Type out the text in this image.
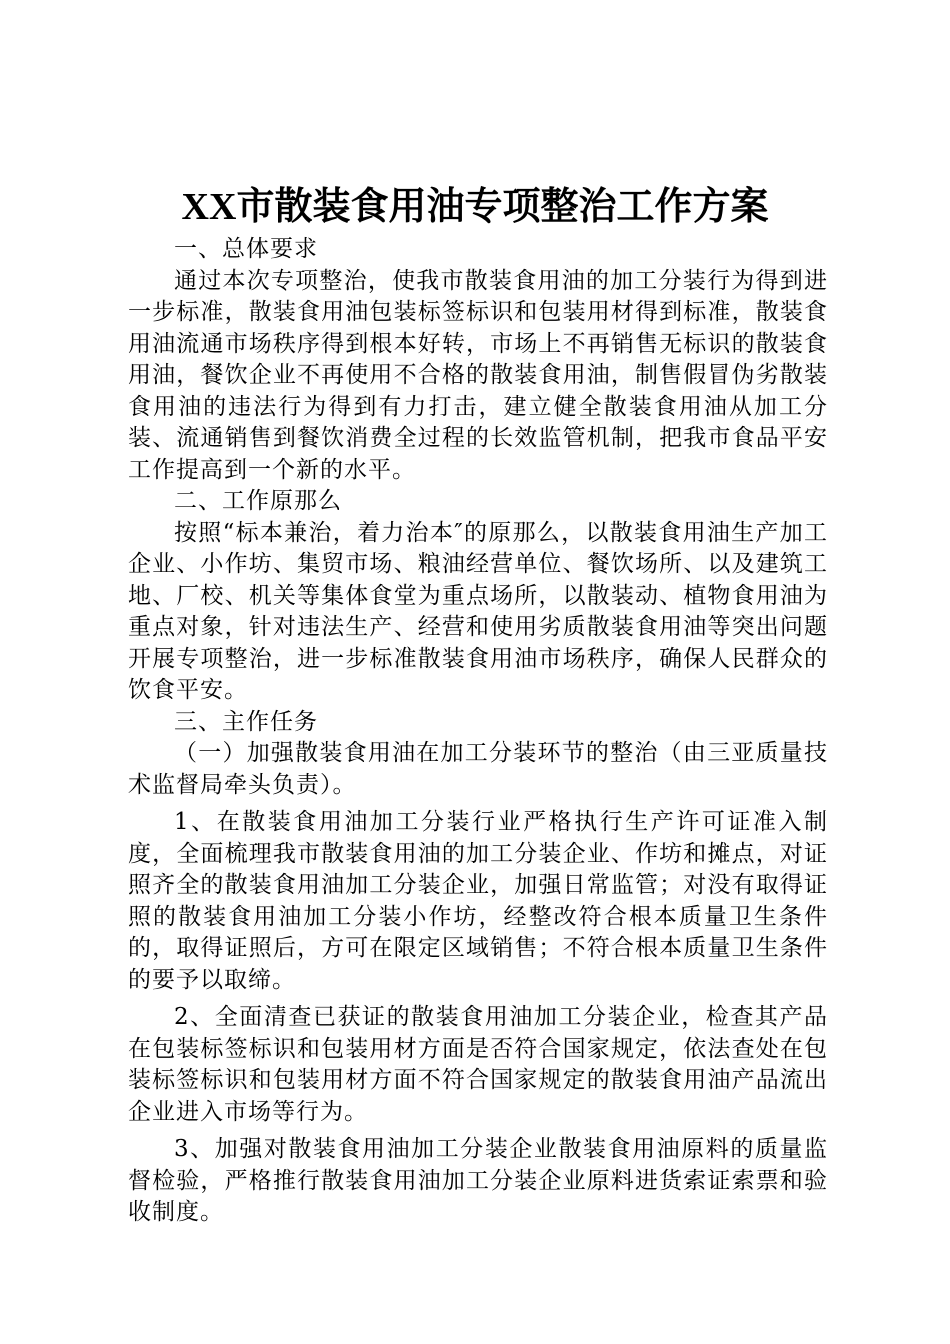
XX市散装食用油专项整治工作方案

一、总体要求

通过本次专项整治，使我市散装食用油的加工分装行为得到进一步标准，散装食用油包装标签标识和包装用材得到标准，散装食用油流通市场秩序得到根本好转，市场上不再销售无标识的散装食用油，餐饮企业不再使用不合格的散装食用油，制售假冒伪劣散装食用油的违法行为得到有力打击，建立健全散装食用油从加工分装、流通销售到餐饮消费全过程的长效监管机制，把我市食品平安工作提高到一个新的水平。

二、工作原那么

按照“标本兼治，着力治本″的原那么，以散装食用油生产加工企业、小作坊、集贸市场、粮油经营单位、餐饮场所、以及建筑工地、厂校、机关等集体食堂为重点场所，以散装动、植物食用油为重点对象，针对违法生产、经营和使用劣质散装食用油等突出问题开展专项整治，进一步标准散装食用油市场秩序，确保人民群众的饮食平安。

三、主作任务

（一）加强散装食用油在加工分装环节的整治（由三亚质量技术监督局牵头负责）。

1、在散装食用油加工分装行业严格执行生产许可证准入制度，全面梳理我市散装食用油的加工分装企业、作坊和摊点，对证照齐全的散装食用油加工分装企业，加强日常监管；对没有取得证照的散装食用油加工分装小作坊，经整改符合根本质量卫生条件的，取得证照后，方可在限定区域销售；不符合根本质量卫生条件的要予以取缔。

2、全面清查已获证的散装食用油加工分装企业，检查其产品在包装标签标识和包装用材方面是否符合国家规定，依法查处在包装标签标识和包装用材方面不符合国家规定的散装食用油产品流出企业进入市场等行为。

3、加强对散装食用油加工分装企业散装食用油原料的质量监督检验，严格推行散装食用油加工分装企业原料进货索证索票和验收制度。
